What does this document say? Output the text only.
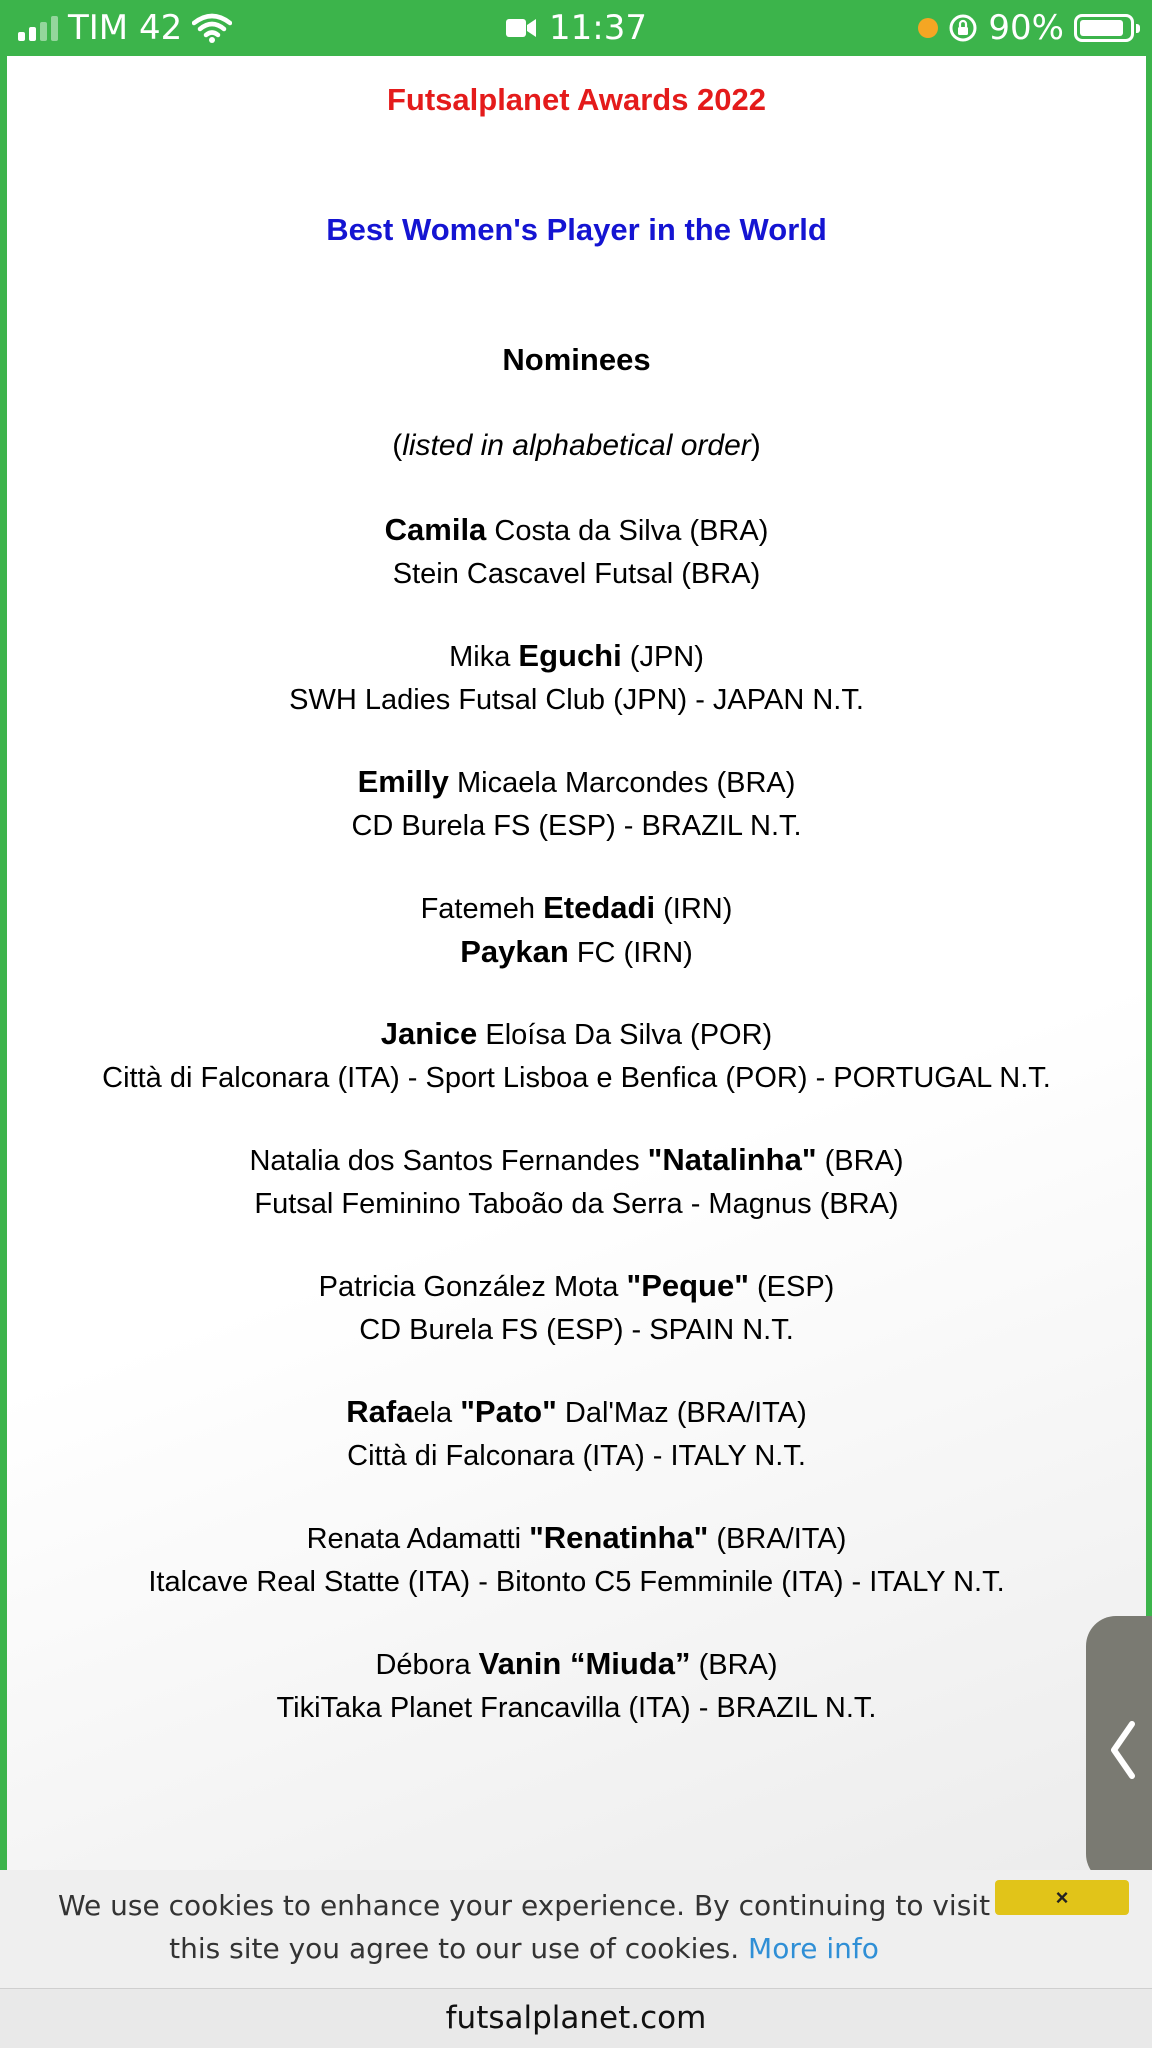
TIM 42	11:37	90%
Futsalplanet Awards 2022
Best Women's Player in the World
Nominees
(listed in alphabetical order)
Camila Costa da Silva (BRA)
Stein Cascavel Futsal (BRA)
Mika Eguchi (JPN)
SWH Ladies Futsal Club (JPN) - JAPAN N.T.
Emilly Micaela Marcondes (BRA)
CD Burela FS (ESP) - BRAZIL N.T.
Fatemeh Etedadi (IRN)
Paykan FC (IRN)
Janice Eloísa Da Silva (POR)
Città di Falconara (ITA) - Sport Lisboa e Benfica (POR) - PORTUGAL N.T.
Natalia dos Santos Fernandes "Natalinha" (BRA)
Futsal Feminino Taboão da Serra - Magnus (BRA)
Patricia González Mota "Peque" (ESP)
CD Burela FS (ESP) - SPAIN N.T.
Rafaela "Pato" Dal'Maz (BRA/ITA)
Città di Falconara (ITA) - ITALY N.T.
Renata Adamatti "Renatinha" (BRA/ITA)
Italcave Real Statte (ITA) - Bitonto C5 Femminile (ITA) - ITALY N.T.
Débora Vanin “Miuda” (BRA)
TikiTaka Planet Francavilla (ITA) - BRAZIL N.T.
We use cookies to enhance your experience. By continuing to visit
this site you agree to our use of cookies. More info
×
futsalplanet.com
